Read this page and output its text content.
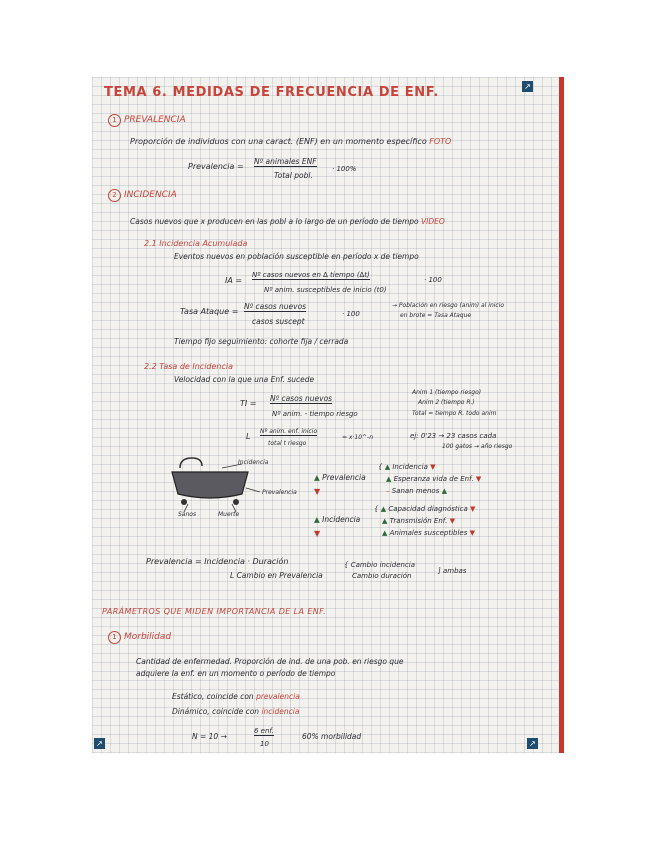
↗
↗	↗
TEMA 6. MEDIDAS DE FRECUENCIA DE ENF.
1 PREVALENCIA
Proporción de individuos con una caract. (ENF) en un momento específico FOTO
Prevalencia =
Nº animales ENF
Total pobl.
· 100%
2 INCIDENCIA
Casos nuevos que x producen en las pobl a lo largo de un período de tiempo VIDEO
2.1 Incidencia Acumulada
Eventos nuevos en población susceptible en período x de tiempo
IA =
Nº casos nuevos en ∆ tiempo (∆t)
Nº anim. susceptibles de inicio (t0)
· 100
→ Población en riesgo (anim) al inicio
en brote = Tasa Ataque
Tasa Ataque =
Nº casos nuevos
casos suscept
· 100
Tiempo fijo seguimiento: cohorte fija / cerrada
2.2 Tasa de Incidencia
Velocidad con la que una Enf. sucede
TI =
Nº casos nuevos
Nº anim. - tiempo riesgo
Anim 1 (tiempo riesgo)
Anim 2 (tiempo R.)
Total = tiempo R. todo anim
L
Nº anim. enf. inicio
total t riesgo
= x·10^-n	ej: 0'23 → 23 casos cada
100 gatos → año riesgo
Incidencia
Prevalencia
Sanos	Muerte
▲ Prevalencia
▼
{ ▲ Incidencia ▼
▲ Esperanza vida de Enf. ▼
– Sanan menos ▲
▲ Incidencia
▼
{ ▲ Capacidad diagnóstica ▼
▲ Transmisión Enf. ▼
▲ Animales susceptibles ▼
Prevalencia = Incidencia · Duración
L Cambio en Prevalencia
{ Cambio incidencia
Cambio duración
] ambas
PARÁMETROS QUE MIDEN IMPORTANCIA DE LA ENF.
1 Morbilidad
Cantidad de enfermedad. Proporción de ind. de una pob. en riesgo que
adquiere la enf. en un momento o período de tiempo
Estático, coincide con prevalencia
Dinámico, coincide con incidencia
N = 10 →
6 enf.
10
60% morbilidad
